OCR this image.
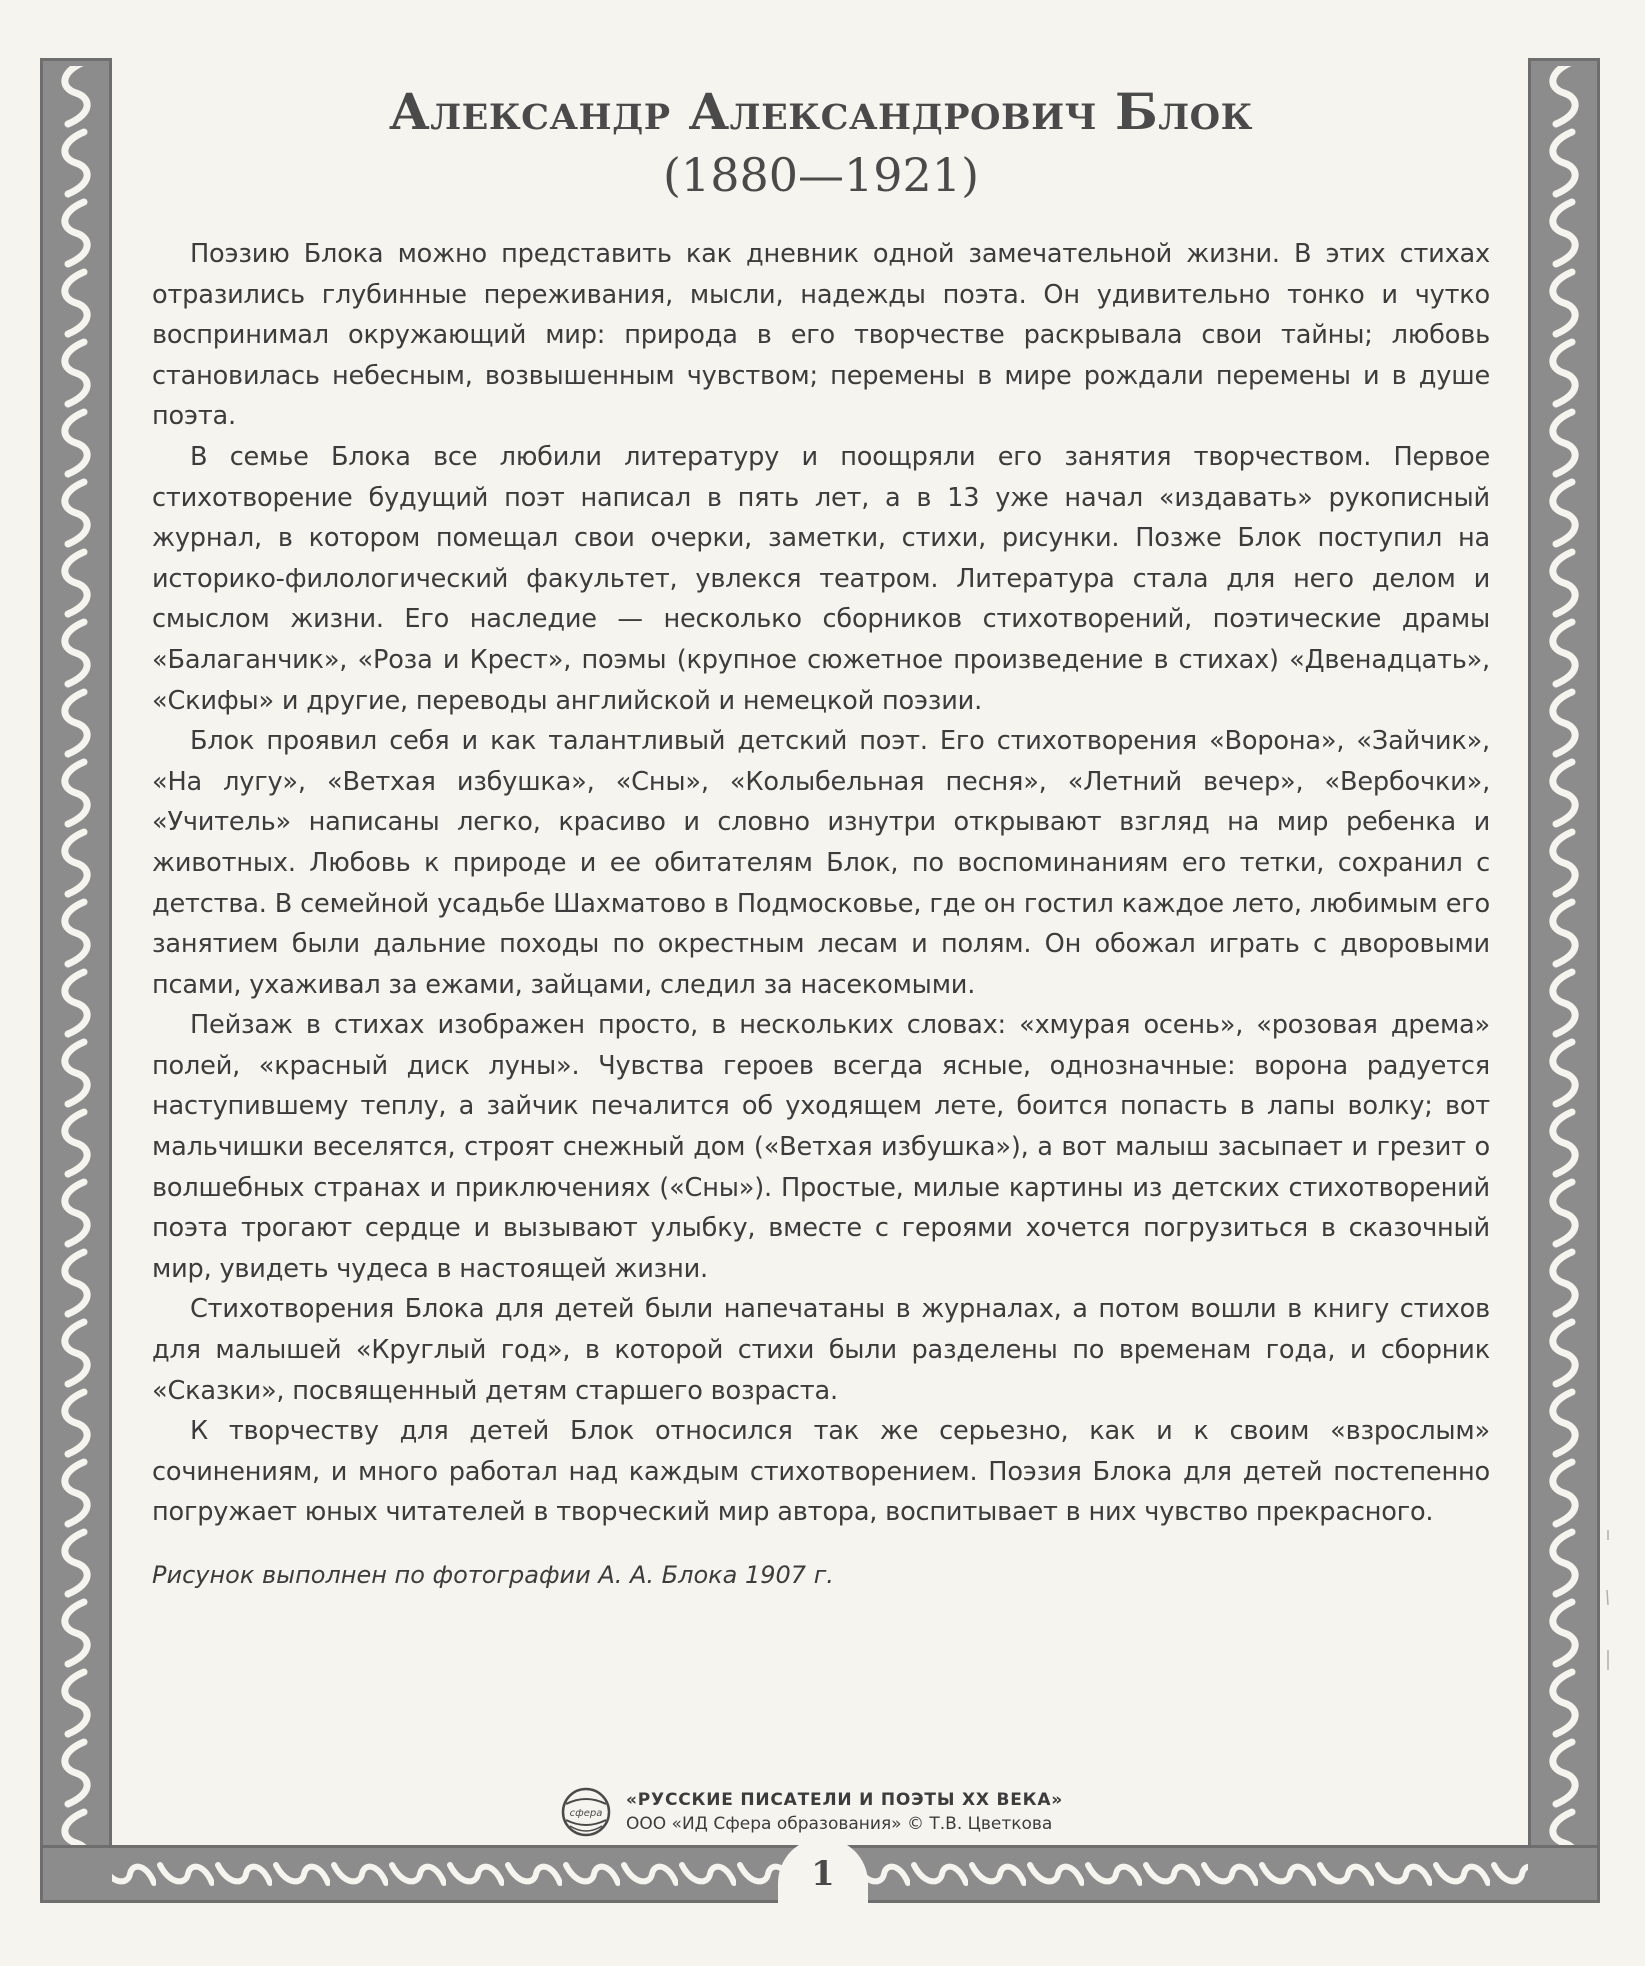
1
Александр Александрович Блок
(1880—1921)

Поэзию Блока можно представить как дневник одной замечательной жизни. В этих стихах отразились глубинные переживания, мысли, надежды поэта. Он удивительно тонко и чутко воспринимал окружающий мир: природа в его творчестве раскрывала свои тайны; любовь становилась небесным, возвышенным чувством; перемены в мире рождали перемены и в душе поэта.

В семье Блока все любили литературу и поощряли его занятия творчеством. Первое стихотворение будущий поэт написал в пять лет, а в 13 уже начал «издавать» рукописный журнал, в котором помещал свои очерки, заметки, стихи, рисунки. Позже Блок поступил на историко-филологический факультет, увлекся театром. Литература стала для него делом и смыслом жизни. Его наследие — несколько сборников стихотворений, поэтические драмы «Балаганчик», «Роза и Крест», поэмы (крупное сюжетное произведение в стихах) «Двенадцать», «Скифы» и другие, переводы английской и немецкой поэзии.

Блок проявил себя и как талантливый детский поэт. Его стихотворения «Ворона», «Зайчик», «На лугу», «Ветхая избушка», «Сны», «Колыбельная песня», «Летний вечер», «Вербочки», «Учитель» написаны легко, красиво и словно изнутри открывают взгляд на мир ребенка и животных. Любовь к природе и ее обитателям Блок, по воспоминаниям его тетки, сохранил с детства. В семейной усадьбе Шахматово в Подмосковье, где он гостил каждое лето, любимым его занятием были дальние походы по окрестным лесам и полям. Он обожал играть с дворовыми псами, ухаживал за ежами, зайцами, следил за насекомыми.

Пейзаж в стихах изображен просто, в нескольких словах: «хмурая осень», «розовая дрема» полей, «красный диск луны». Чувства героев всегда ясные, однозначные: ворона радуется наступившему теплу, а зайчик печалится об уходящем лете, боится попасть в лапы волку; вот мальчишки веселятся, строят снежный дом («Ветхая избушка»), а вот малыш засыпает и грезит о волшебных странах и приключениях («Сны»). Простые, милые картины из детских стихотворений поэта трогают сердце и вызывают улыбку, вместе с героями хочется погрузиться в сказочный мир, увидеть чудеса в настоящей жизни.

Стихотворения Блока для детей были напечатаны в журналах, а потом вошли в книгу стихов для малышей «Круглый год», в которой стихи были разделены по временам года, и сборник «Сказки», посвященный детям старшего возраста.

К творчеству для детей Блок относился так же серьезно, как и к своим «взрослым» сочинениям, и много работал над каждым стихотворением. Поэзия Блока для детей постепенно погружает юных читателей в творческий мир автора, воспитывает в них чувство прекрасного.

Рисунок выполнен по фотографии А. А. Блока 1907 г.

сфера
«РУССКИЕ ПИСАТЕЛИ И ПОЭТЫ XX ВЕКА»
ООО «ИД Сфера образования» © Т.В. Цветкова
